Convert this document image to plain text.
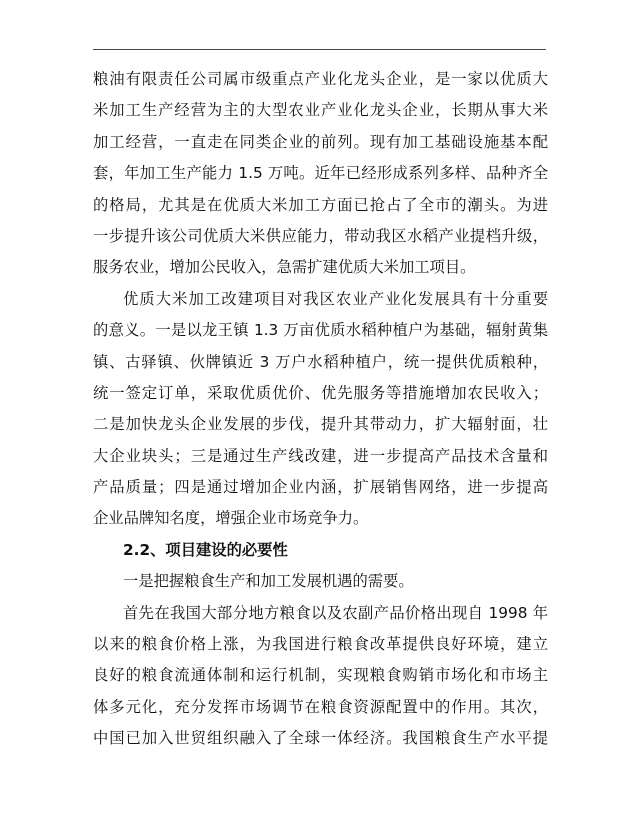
粮油有限责任公司属市级重点产业化龙头企业，是一家以优质大
米加工生产经营为主的大型农业产业化龙头企业，长期从事大米
加工经营，一直走在同类企业的前列。现有加工基础设施基本配
套，年加工生产能力 1.5 万吨。近年已经形成系列多样、品种齐全
的格局，尤其是在优质大米加工方面已抢占了全市的潮头。为进
一步提升该公司优质大米供应能力，带动我区水稻产业提档升级，
服务农业，增加公民收入，急需扩建优质大米加工项目。
优质大米加工改建项目对我区农业产业化发展具有十分重要
的意义。一是以龙王镇 1.3 万亩优质水稻种植户为基础，辐射黄集
镇、古驿镇、伙牌镇近 3 万户水稻种植户，统一提供优质粮种，
统一签定订单，采取优质优价、优先服务等措施增加农民收入；
二是加快龙头企业发展的步伐，提升其带动力，扩大辐射面，壮
大企业块头；三是通过生产线改建，进一步提高产品技术含量和
产品质量；四是通过增加企业内涵，扩展销售网络，进一步提高
企业品牌知名度，增强企业市场竞争力。
2.2、项目建设的必要性
一是把握粮食生产和加工发展机遇的需要。
首先在我国大部分地方粮食以及农副产品价格出现自 1998 年
以来的粮食价格上涨，为我国进行粮食改革提供良好环境，建立
良好的粮食流通体制和运行机制，实现粮食购销市场化和市场主
体多元化，充分发挥市场调节在粮食资源配置中的作用。其次，
中国已加入世贸组织融入了全球一体经济。我国粮食生产水平提
